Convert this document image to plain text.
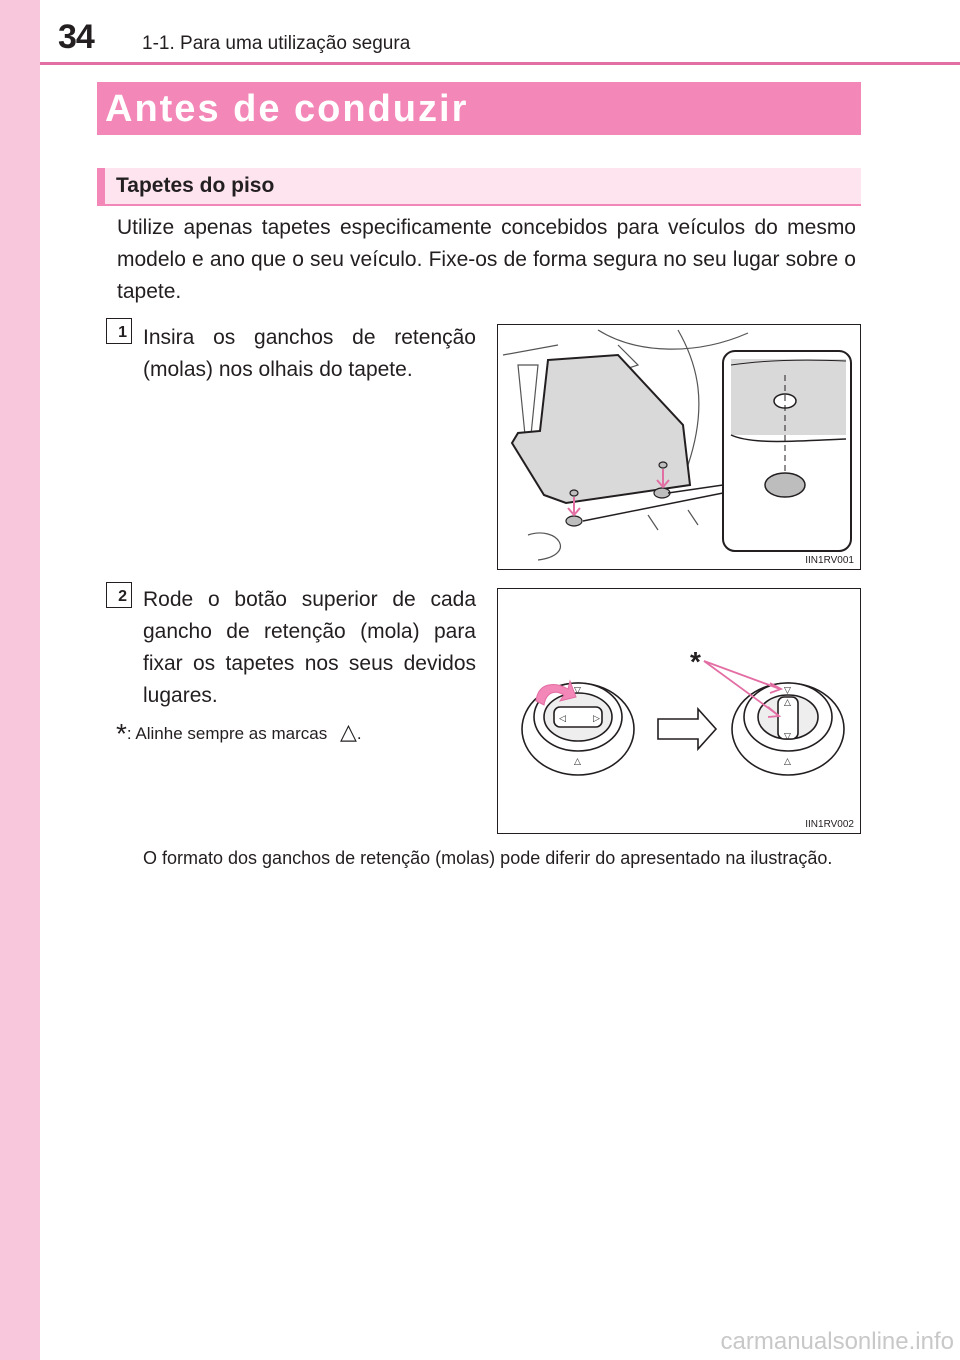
34	1-1. Para uma utilização segura
Antes de conduzir
Tapetes do piso
Utilize apenas tapetes especificamente concebidos para veículos do mesmo modelo e ano que o seu veículo. Fixe-os de forma segura no seu lugar sobre o tapete.
1 Insira os ganchos de retenção (molas) nos olhais do tapete.
IIN1RV001
2 Rode o botão superior de cada gancho de retenção (mola) para fixar os tapetes nos seus devidos lugares.
*: Alinhe sempre as marcas △.
▽
△
◁	▷
▽
△
△
▽
*
IIN1RV002
O formato dos ganchos de retenção (molas) pode diferir do apresentado na ilustração.
carmanualsonline.info
